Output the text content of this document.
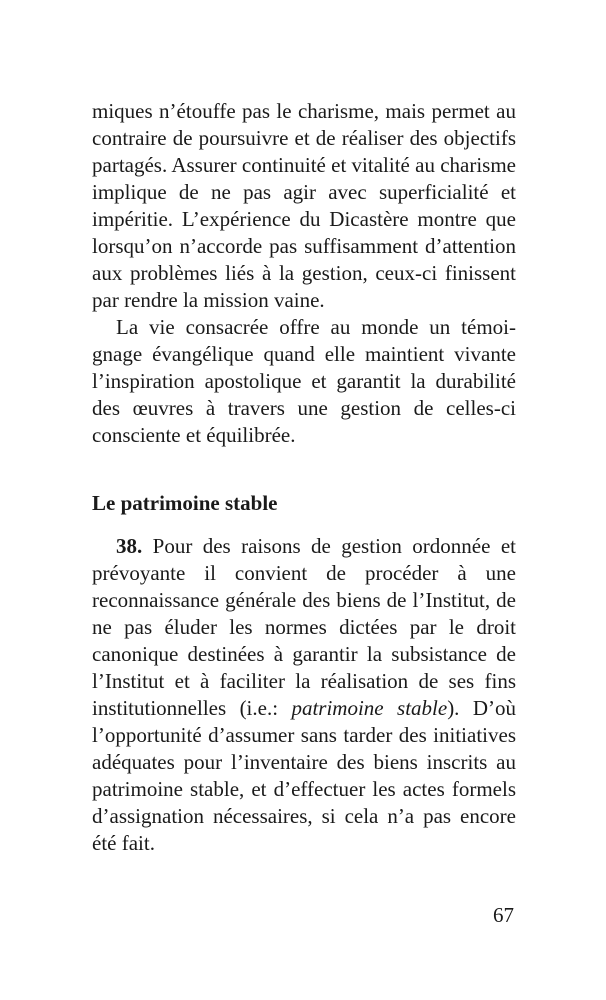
miques n’étouffe pas le charisme, mais permet au contraire de poursuivre et de réaliser des objectifs partagés. Assurer continuité et vitalité au charisme implique de ne pas agir avec superficialité et impéritie. L’expérience du Dicastère montre que lorsqu’on n’accorde pas suffisamment d’attention aux problèmes liés à la gestion, ceux-ci finissent par rendre la mission vaine.

La vie consacrée offre au monde un témoignage évangélique quand elle maintient vivante l’inspiration apostolique et garantit la durabilité des œuvres à travers une gestion de celles-ci consciente et équilibrée.

Le patrimoine stable

38. Pour des raisons de gestion ordonnée et prévoyante il convient de procéder à une reconnaissance générale des biens de l’Institut, de ne pas éluder les normes dictées par le droit canonique destinées à garantir la subsistance de l’Institut et à faciliter la réalisation de ses fins institutionnelles (i.e.: patrimoine stable). D’où l’opportunité d’assumer sans tarder des initiatives adéquates pour l’inventaire des biens inscrits au patrimoine stable, et d’effectuer les actes formels d’assignation nécessaires, si cela n’a pas encore été fait.

67
